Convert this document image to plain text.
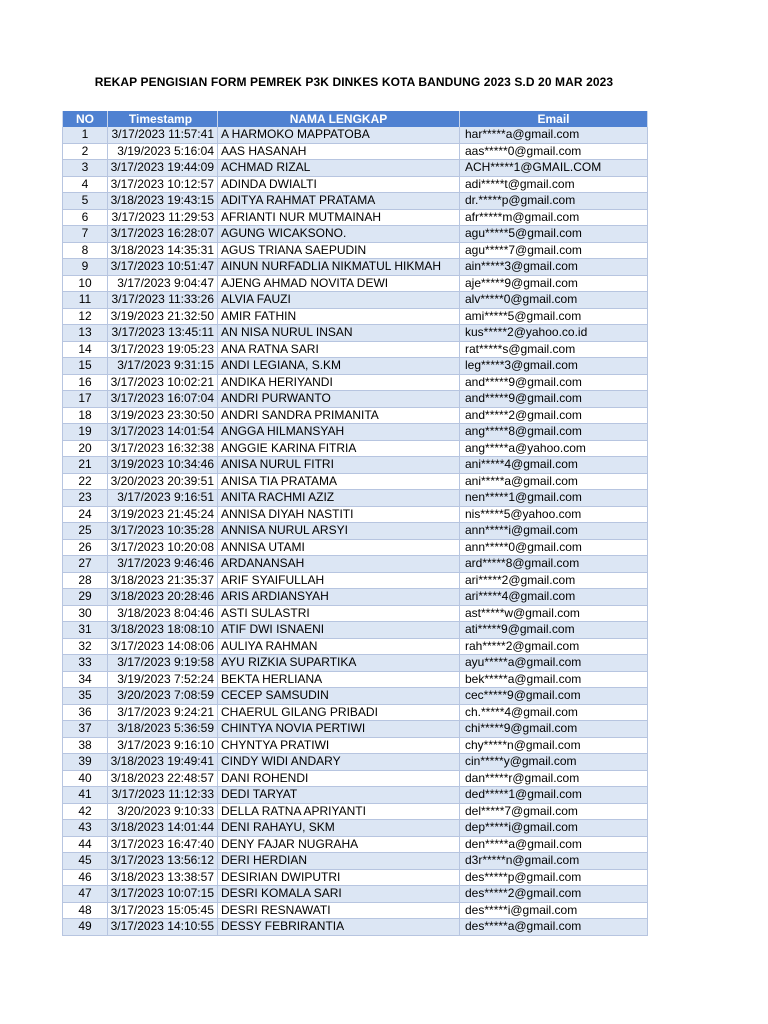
REKAP PENGISIAN FORM PEMREK P3K DINKES KOTA BANDUNG 2023 S.D 20 MAR 2023
NO	Timestamp	NAMA LENGKAP	Email
1	3/17/2023 11:57:41	A HARMOKO MAPPATOBA	har*****a@gmail.com
2	3/19/2023 5:16:04	AAS HASANAH	aas*****0@gmail.com
3	3/17/2023 19:44:09	ACHMAD RIZAL	ACH*****1@GMAIL.COM
4	3/17/2023 10:12:57	ADINDA DWIALTI	adi*****t@gmail.com
5	3/18/2023 19:43:15	ADITYA RAHMAT PRATAMA	dr.*****p@gmail.com
6	3/17/2023 11:29:53	AFRIANTI NUR MUTMAINAH	afr*****m@gmail.com
7	3/17/2023 16:28:07	AGUNG WICAKSONO.	agu*****5@gmail.com
8	3/18/2023 14:35:31	AGUS TRIANA SAEPUDIN	agu*****7@gmail.com
9	3/17/2023 10:51:47	AINUN NURFADLIA NIKMATUL HIKMAH	ain*****3@gmail.com
10	3/17/2023 9:04:47	AJENG AHMAD NOVITA DEWI	aje*****9@gmail.com
11	3/17/2023 11:33:26	ALVIA FAUZI	alv*****0@gmail.com
12	3/19/2023 21:32:50	AMIR FATHIN	ami*****5@gmail.com
13	3/17/2023 13:45:11	AN NISA NURUL INSAN	kus*****2@yahoo.co.id
14	3/17/2023 19:05:23	ANA RATNA SARI	rat*****s@gmail.com
15	3/17/2023 9:31:15	ANDI LEGIANA, S.KM	leg*****3@gmail.com
16	3/17/2023 10:02:21	ANDIKA HERIYANDI	and*****9@gmail.com
17	3/17/2023 16:07:04	ANDRI PURWANTO	and*****9@gmail.com
18	3/19/2023 23:30:50	ANDRI SANDRA PRIMANITA	and*****2@gmail.com
19	3/17/2023 14:01:54	ANGGA HILMANSYAH	ang*****8@gmail.com
20	3/17/2023 16:32:38	ANGGIE KARINA FITRIA	ang*****a@yahoo.com
21	3/19/2023 10:34:46	ANISA NURUL FITRI	ani*****4@gmail.com
22	3/20/2023 20:39:51	ANISA TIA PRATAMA	ani*****a@gmail.com
23	3/17/2023 9:16:51	ANITA RACHMI AZIZ	nen*****1@gmail.com
24	3/19/2023 21:45:24	ANNISA DIYAH NASTITI	nis*****5@yahoo.com
25	3/17/2023 10:35:28	ANNISA NURUL ARSYI	ann*****i@gmail.com
26	3/17/2023 10:20:08	ANNISA UTAMI	ann*****0@gmail.com
27	3/17/2023 9:46:46	ARDANANSAH	ard*****8@gmail.com
28	3/18/2023 21:35:37	ARIF SYAIFULLAH	ari*****2@gmail.com
29	3/18/2023 20:28:46	ARIS ARDIANSYAH	ari*****4@gmail.com
30	3/18/2023 8:04:46	ASTI SULASTRI	ast*****w@gmail.com
31	3/18/2023 18:08:10	ATIF DWI ISNAENI	ati*****9@gmail.com
32	3/17/2023 14:08:06	AULIYA RAHMAN	rah*****2@gmail.com
33	3/17/2023 9:19:58	AYU RIZKIA SUPARTIKA	ayu*****a@gmail.com
34	3/19/2023 7:52:24	BEKTA HERLIANA	bek*****a@gmail.com
35	3/20/2023 7:08:59	CECEP SAMSUDIN	cec*****9@gmail.com
36	3/17/2023 9:24:21	CHAERUL GILANG PRIBADI	ch.*****4@gmail.com
37	3/18/2023 5:36:59	CHINTYA NOVIA PERTIWI	chi*****9@gmail.com
38	3/17/2023 9:16:10	CHYNTYA PRATIWI	chy*****n@gmail.com
39	3/18/2023 19:49:41	CINDY WIDI ANDARY	cin*****y@gmail.com
40	3/18/2023 22:48:57	DANI ROHENDI	dan*****r@gmail.com
41	3/17/2023 11:12:33	DEDI TARYAT	ded*****1@gmail.com
42	3/20/2023 9:10:33	DELLA RATNA APRIYANTI	del*****7@gmail.com
43	3/18/2023 14:01:44	DENI RAHAYU, SKM	dep*****i@gmail.com
44	3/17/2023 16:47:40	DENY FAJAR NUGRAHA	den*****a@gmail.com
45	3/17/2023 13:56:12	DERI HERDIAN	d3r*****n@gmail.com
46	3/18/2023 13:38:57	DESIRIAN DWIPUTRI	des*****p@gmail.com
47	3/17/2023 10:07:15	DESRI KOMALA SARI	des*****2@gmail.com
48	3/17/2023 15:05:45	DESRI RESNAWATI	des*****i@gmail.com
49	3/17/2023 14:10:55	DESSY FEBRIRANTIA	des*****a@gmail.com
